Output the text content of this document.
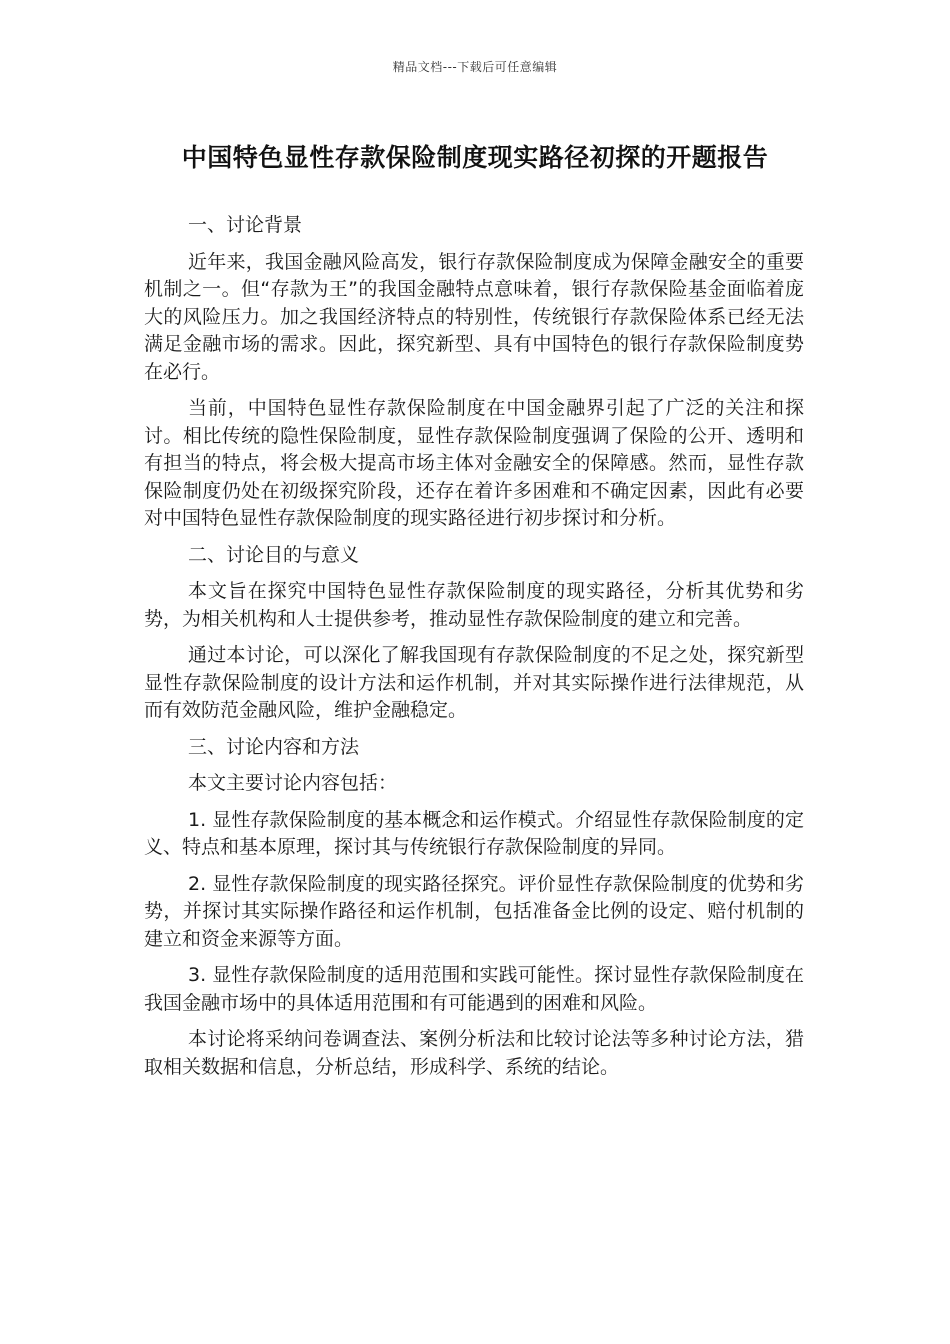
精品文档---下载后可任意编辑
中国特色显性存款保险制度现实路径初探的开题报告
一、讨论背景
近年来，我国金融风险高发，银行存款保险制度成为保障金融安全的重要机制之一。但“存款为王”的我国金融特点意味着，银行存款保险基金面临着庞大的风险压力。加之我国经济特点的特别性，传统银行存款保险体系已经无法满足金融市场的需求。因此，探究新型、具有中国特色的银行存款保险制度势在必行。
当前，中国特色显性存款保险制度在中国金融界引起了广泛的关注和探讨。相比传统的隐性保险制度，显性存款保险制度强调了保险的公开、透明和有担当的特点，将会极大提高市场主体对金融安全的保障感。然而，显性存款保险制度仍处在初级探究阶段，还存在着许多困难和不确定因素，因此有必要对中国特色显性存款保险制度的现实路径进行初步探讨和分析。
二、讨论目的与意义
本文旨在探究中国特色显性存款保险制度的现实路径，分析其优势和劣势，为相关机构和人士提供参考，推动显性存款保险制度的建立和完善。
通过本讨论，可以深化了解我国现有存款保险制度的不足之处，探究新型显性存款保险制度的设计方法和运作机制，并对其实际操作进行法律规范，从而有效防范金融风险，维护金融稳定。
三、讨论内容和方法
本文主要讨论内容包括：
1. 显性存款保险制度的基本概念和运作模式。介绍显性存款保险制度的定义、特点和基本原理，探讨其与传统银行存款保险制度的异同。
2. 显性存款保险制度的现实路径探究。评价显性存款保险制度的优势和劣势，并探讨其实际操作路径和运作机制，包括准备金比例的设定、赔付机制的建立和资金来源等方面。
3. 显性存款保险制度的适用范围和实践可能性。探讨显性存款保险制度在我国金融市场中的具体适用范围和有可能遇到的困难和风险。
本讨论将采纳问卷调查法、案例分析法和比较讨论法等多种讨论方法，猎取相关数据和信息，分析总结，形成科学、系统的结论。
